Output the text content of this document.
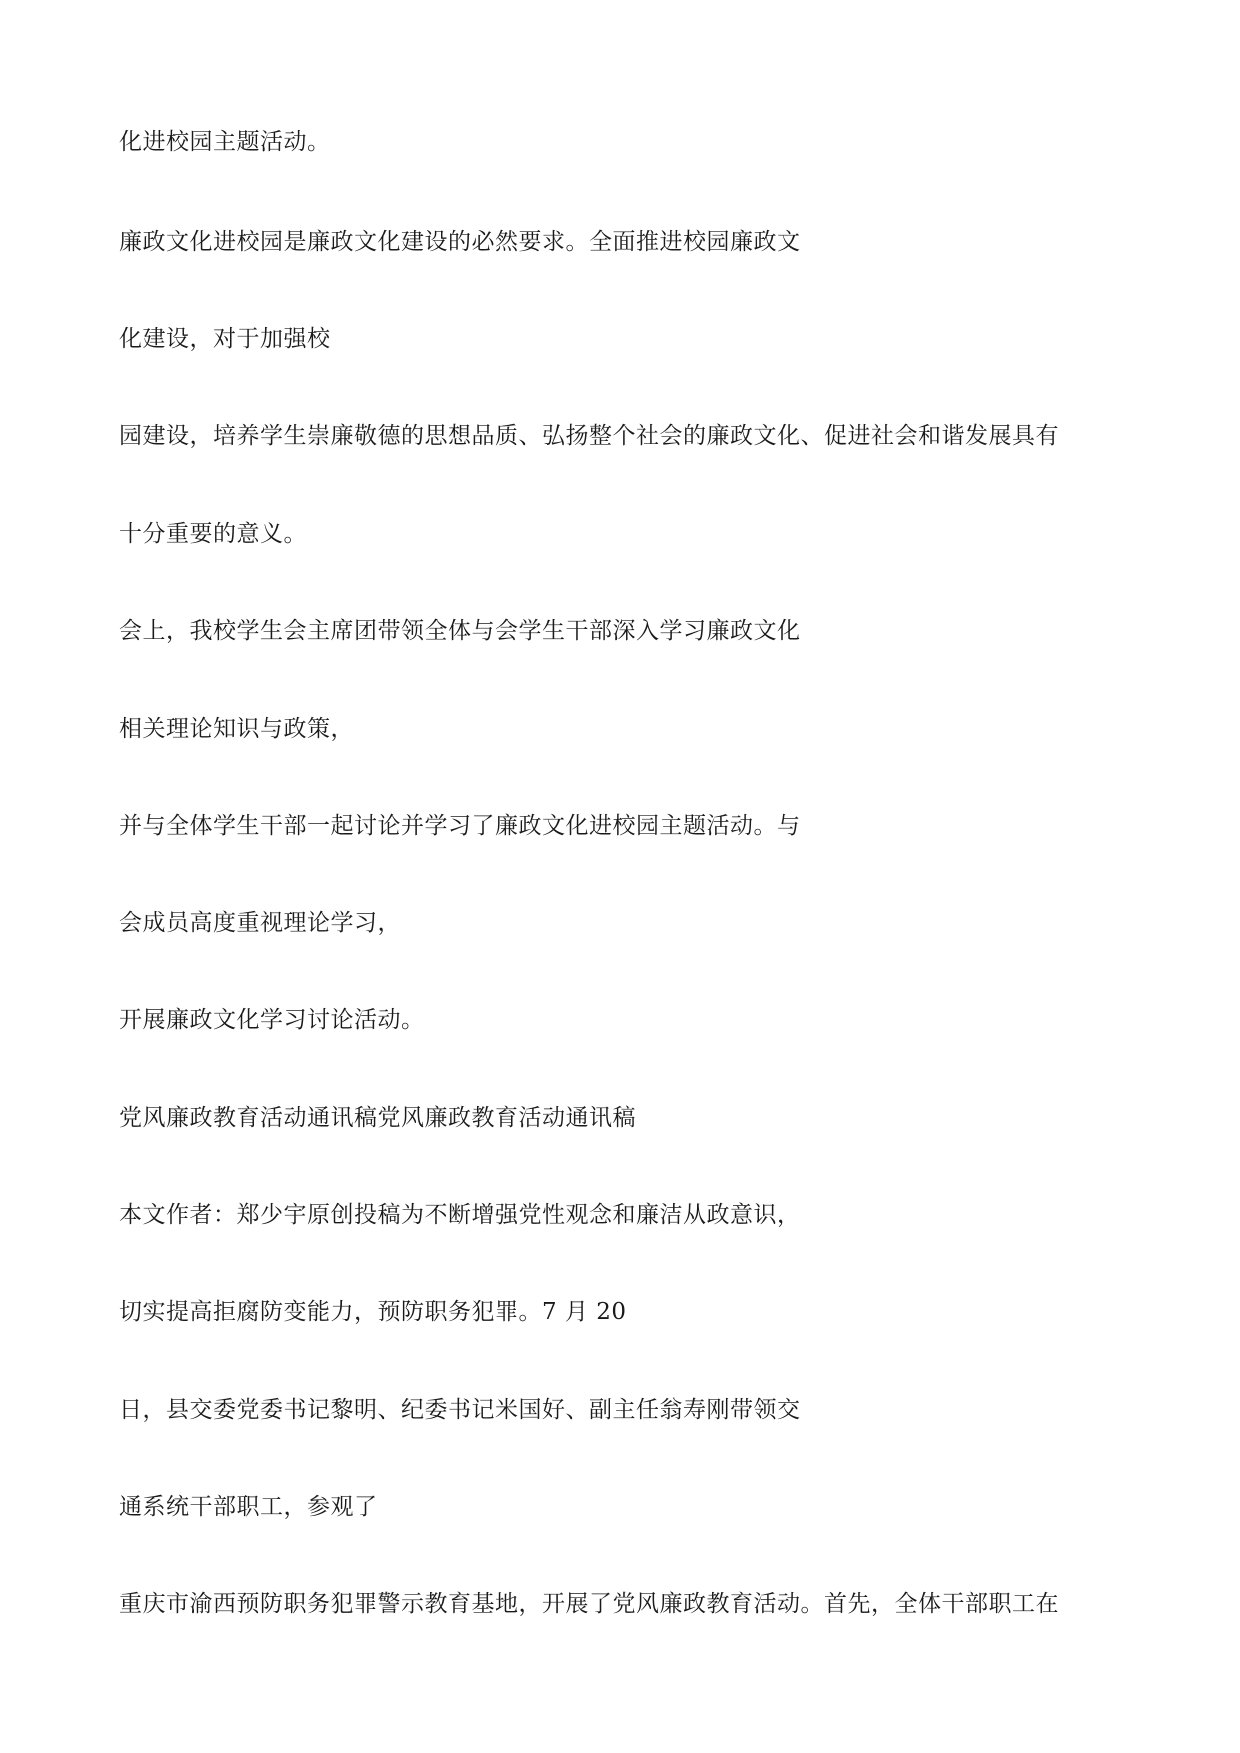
化进校园主题活动。

廉政文化进校园是廉政文化建设的必然要求。全面推进校园廉政文

化建设，对于加强校

园建设，培养学生崇廉敬德的思想品质、弘扬整个社会的廉政文化、促进社会和谐发展具有

十分重要的意义。

会上，我校学生会主席团带领全体与会学生干部深入学习廉政文化

相关理论知识与政策，

并与全体学生干部一起讨论并学习了廉政文化进校园主题活动。与

会成员高度重视理论学习，

开展廉政文化学习讨论活动。

党风廉政教育活动通讯稿党风廉政教育活动通讯稿

本文作者：郑少宇原创投稿为不断增强党性观念和廉洁从政意识，

切实提高拒腐防变能力，预防职务犯罪。7 月 20

日，县交委党委书记黎明、纪委书记米国好、副主任翁寿刚带领交

通系统干部职工，参观了

重庆市渝西预防职务犯罪警示教育基地，开展了党风廉政教育活动。首先，全体干部职工在
